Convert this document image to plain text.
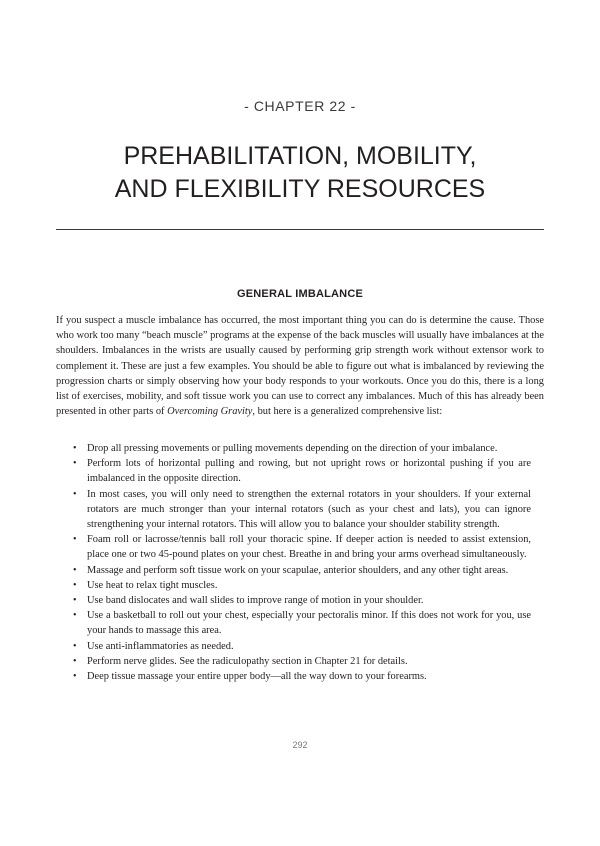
- CHAPTER 22 -
PREHABILITATION, MOBILITY,
AND FLEXIBILITY RESOURCES
GENERAL IMBALANCE

If you suspect a muscle imbalance has occurred, the most important thing you can do is determine the cause. Those who work too many “beach muscle” programs at the expense of the back muscles will usually have imbalances at the shoulders. Imbalances in the wrists are usually caused by performing grip strength work without extensor work to complement it. These are just a few examples. You should be able to figure out what is imbalanced by reviewing the progression charts or simply observing how your body responds to your workouts. Once you do this, there is a long list of exercises, mobility, and soft tissue work you can use to correct any imbalances. Much of this has already been presented in other parts of Overcoming Gravity, but here is a generalized comprehensive list:

• Drop all pressing movements or pulling movements depending on the direction of your imbalance.
• Perform lots of horizontal pulling and rowing, but not upright rows or horizontal pushing if you are imbalanced in the opposite direction.
• In most cases, you will only need to strengthen the external rotators in your shoulders. If your external rotators are much stronger than your internal rotators (such as your chest and lats), you can ignore strengthening your internal rotators. This will allow you to balance your shoulder stability strength.
• Foam roll or lacrosse/tennis ball roll your thoracic spine. If deeper action is needed to assist extension, place one or two 45-pound plates on your chest. Breathe in and bring your arms overhead simultaneously.
• Massage and perform soft tissue work on your scapulae, anterior shoulders, and any other tight areas.
• Use heat to relax tight muscles.
• Use band dislocates and wall slides to improve range of motion in your shoulder.
• Use a basketball to roll out your chest, especially your pectoralis minor. If this does not work for you, use your hands to massage this area.
• Use anti-inflammatories as needed.
• Perform nerve glides. See the radiculopathy section in Chapter 21 for details.
• Deep tissue massage your entire upper body—all the way down to your forearms.
292
